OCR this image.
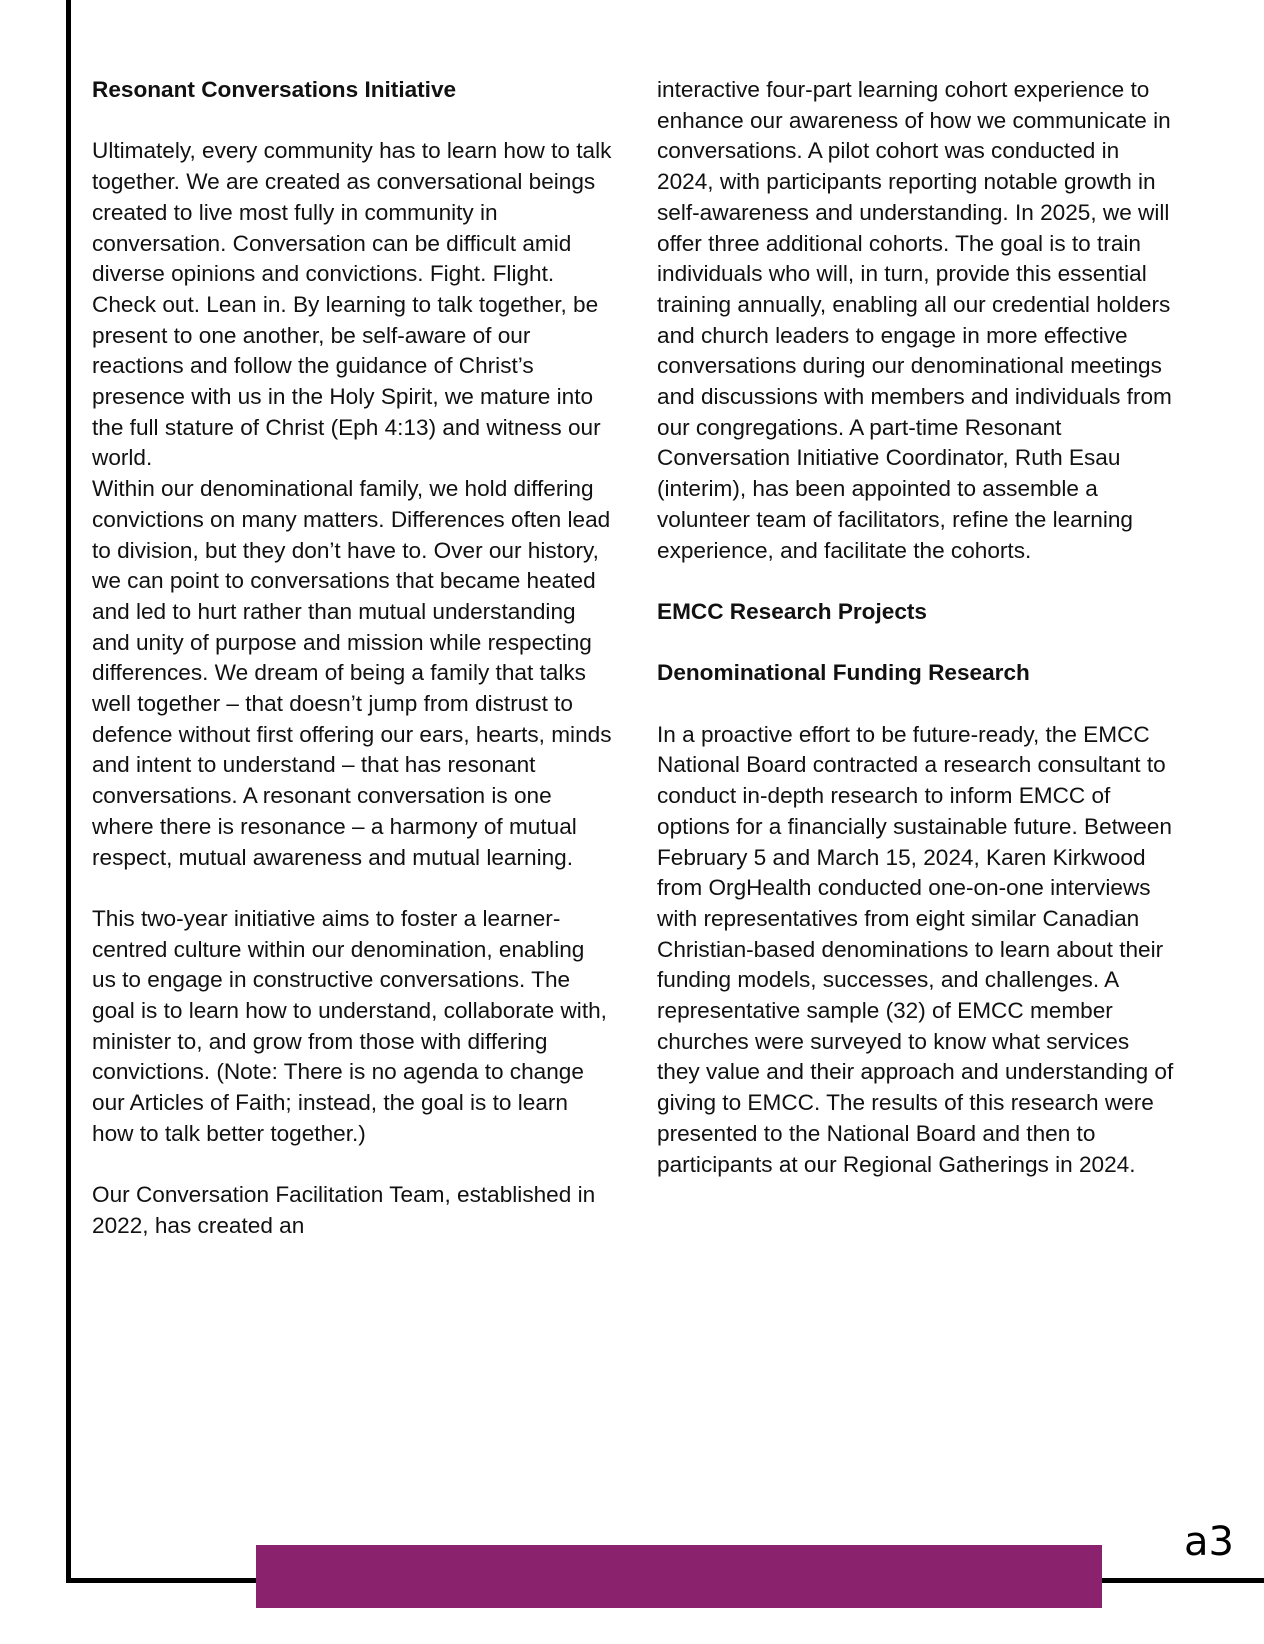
a3
Resonant Conversations Initiative

Ultimately, every community has to learn how to talk together. We are created as conversational beings created to live most fully in community in conversation. Conversation can be difficult amid diverse opinions and convictions. Fight. Flight. Check out. Lean in. By learning to talk together, be present to one another, be self-aware of our reactions and follow the guidance of Christ’s presence with us in the Holy Spirit, we mature into the full stature of Christ (Eph 4:13) and witness our world.

Within our denominational family, we hold differing convictions on many matters. Differences often lead to division, but they don’t have to. Over our history, we can point to conversations that became heated and led to hurt rather than mutual understanding and unity of purpose and mission while respecting differences. We dream of being a family that talks well together – that doesn’t jump from distrust to defence without first offering our ears, hearts, minds and intent to understand – that has resonant conversations. A resonant conversation is one where there is resonance – a harmony of mutual respect, mutual awareness and mutual learning.

This two-year initiative aims to foster a learner-centred culture within our denomination, enabling us to engage in constructive conversations. The goal is to learn how to understand, collaborate with, minister to, and grow from those with differing convictions. (Note: There is no agenda to change our Articles of Faith; instead, the goal is to learn how to talk better together.)

Our Conversation Facilitation Team, established in 2022, has created an

interactive four-part learning cohort experience to enhance our awareness of how we communicate in conversations. A pilot cohort was conducted in 2024, with participants reporting notable growth in self-awareness and understanding. In 2025, we will offer three additional cohorts. The goal is to train individuals who will, in turn, provide this essential training annually, enabling all our credential holders and church leaders to engage in more effective conversations during our denominational meetings and discussions with members and individuals from our congregations. A part-time Resonant Conversation Initiative Coordinator, Ruth Esau (interim), has been appointed to assemble a volunteer team of facilitators, refine the learning experience, and facilitate the cohorts.

EMCC Research Projects
Denominational Funding Research

In a proactive effort to be future-ready, the EMCC National Board contracted a research consultant to conduct in-depth research to inform EMCC of options for a financially sustainable future. Between February 5 and March 15, 2024, Karen Kirkwood from OrgHealth conducted one-on-one interviews with representatives from eight similar Canadian Christian-based denominations to learn about their funding models, successes, and challenges. A representative sample (32) of EMCC member churches were surveyed to know what services they value and their approach and understanding of giving to EMCC. The results of this research were presented to the National Board and then to participants at our Regional Gatherings in 2024.
